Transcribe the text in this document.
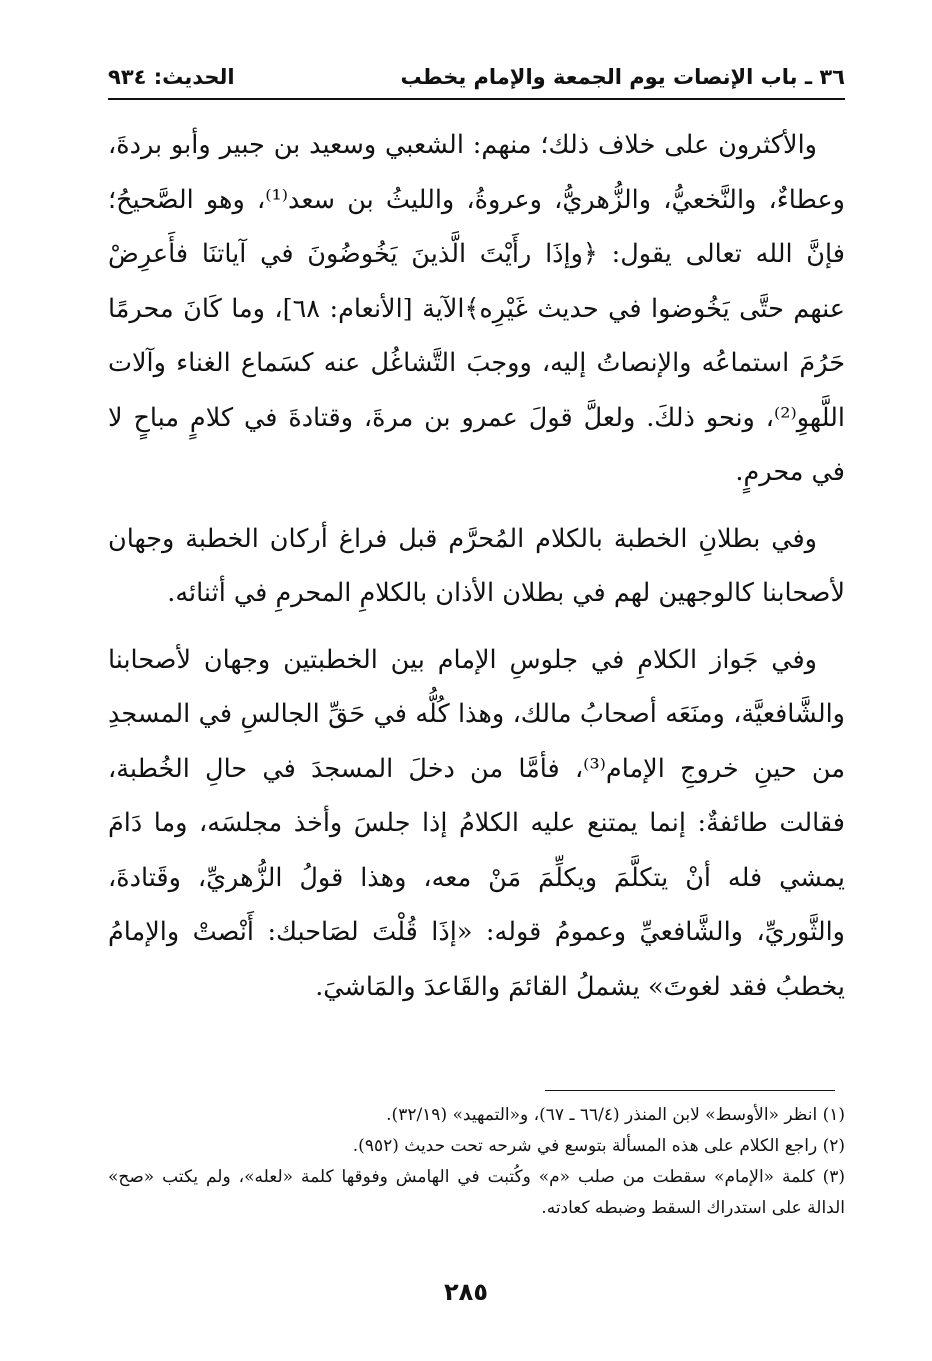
٣٦ ـ باب الإنصات يوم الجمعة والإمام يخطب
الحديث: ٩٣٤

والأكثرون على خلاف ذلك؛ منهم: الشعبي وسعيد بن جبير وأبو بردةَ، وعطاءٌ، والنَّخعيُّ، والزُّهريُّ، وعروةُ، والليثُ بن سعد⁽¹⁾، وهو الصَّحيحُ؛ فإنَّ الله تعالى يقول: ﴿وإذَا رأَيْتَ الَّذينَ يَخُوضُونَ في آياتنَا فأَعرِضْ عنهم حتَّى يَخُوضوا في حديث غَيْرِه﴾الآية [الأنعام: ٦٨]، وما كَانَ محرمًا حَرُمَ استماعُه والإنصاتُ إليه، ووجبَ التَّشاغُل عنه كسَماع الغناء وآلات اللَّهوِ⁽²⁾، ونحو ذلكَ. ولعلَّ قولَ عمرو بن مرةَ، وقتادةَ في كلامٍ مباحٍ لا في محرمٍ.

وفي بطلانِ الخطبة بالكلام المُحرَّم قبل فراغ أركان الخطبة وجهان لأصحابنا كالوجهين لهم في بطلان الأذان بالكلامِ المحرمِ في أثنائه.

وفي جَواز الكلامِ في جلوسِ الإمام بين الخطبتين وجهان لأصحابنا والشَّافعيَّة، ومنَعَه أصحابُ مالك، وهذا كُلُّه في حَقِّ الجالسِ في المسجدِ من حينِ خروجِ الإمام⁽³⁾، فأمَّا من دخلَ المسجدَ في حالِ الخُطبة، فقالت طائفةٌ: إنما يمتنع عليه الكلامُ إذا جلسَ وأخذ مجلسَه، وما دَامَ يمشي فله أنْ يتكلَّمَ ويكلِّمَ مَنْ معه، وهذا قولُ الزُّهريِّ، وقَتادةَ، والثَّوريِّ، والشَّافعيِّ وعمومُ قوله: «إذَا قُلْتَ لصَاحبك: أَنْصتْ والإمامُ يخطبُ فقد لغوتَ» يشملُ القائمَ والقَاعدَ والمَاشيَ.

(١) انظر «الأوسط» لابن المنذر (٦٦/٤ ـ ٦٧)، و«التمهيد» (٣٢/١٩).

(٢) راجع الكلام على هذه المسألة بتوسع في شرحه تحت حديث (٩٥٢).

(٣) كلمة «الإمام» سقطت من صلب «م» وكُتبت في الهامش وفوقها كلمة «لعله»، ولم يكتب «صح» الدالة على استدراك السقط وضبطه كعادته.

٢٨٥
